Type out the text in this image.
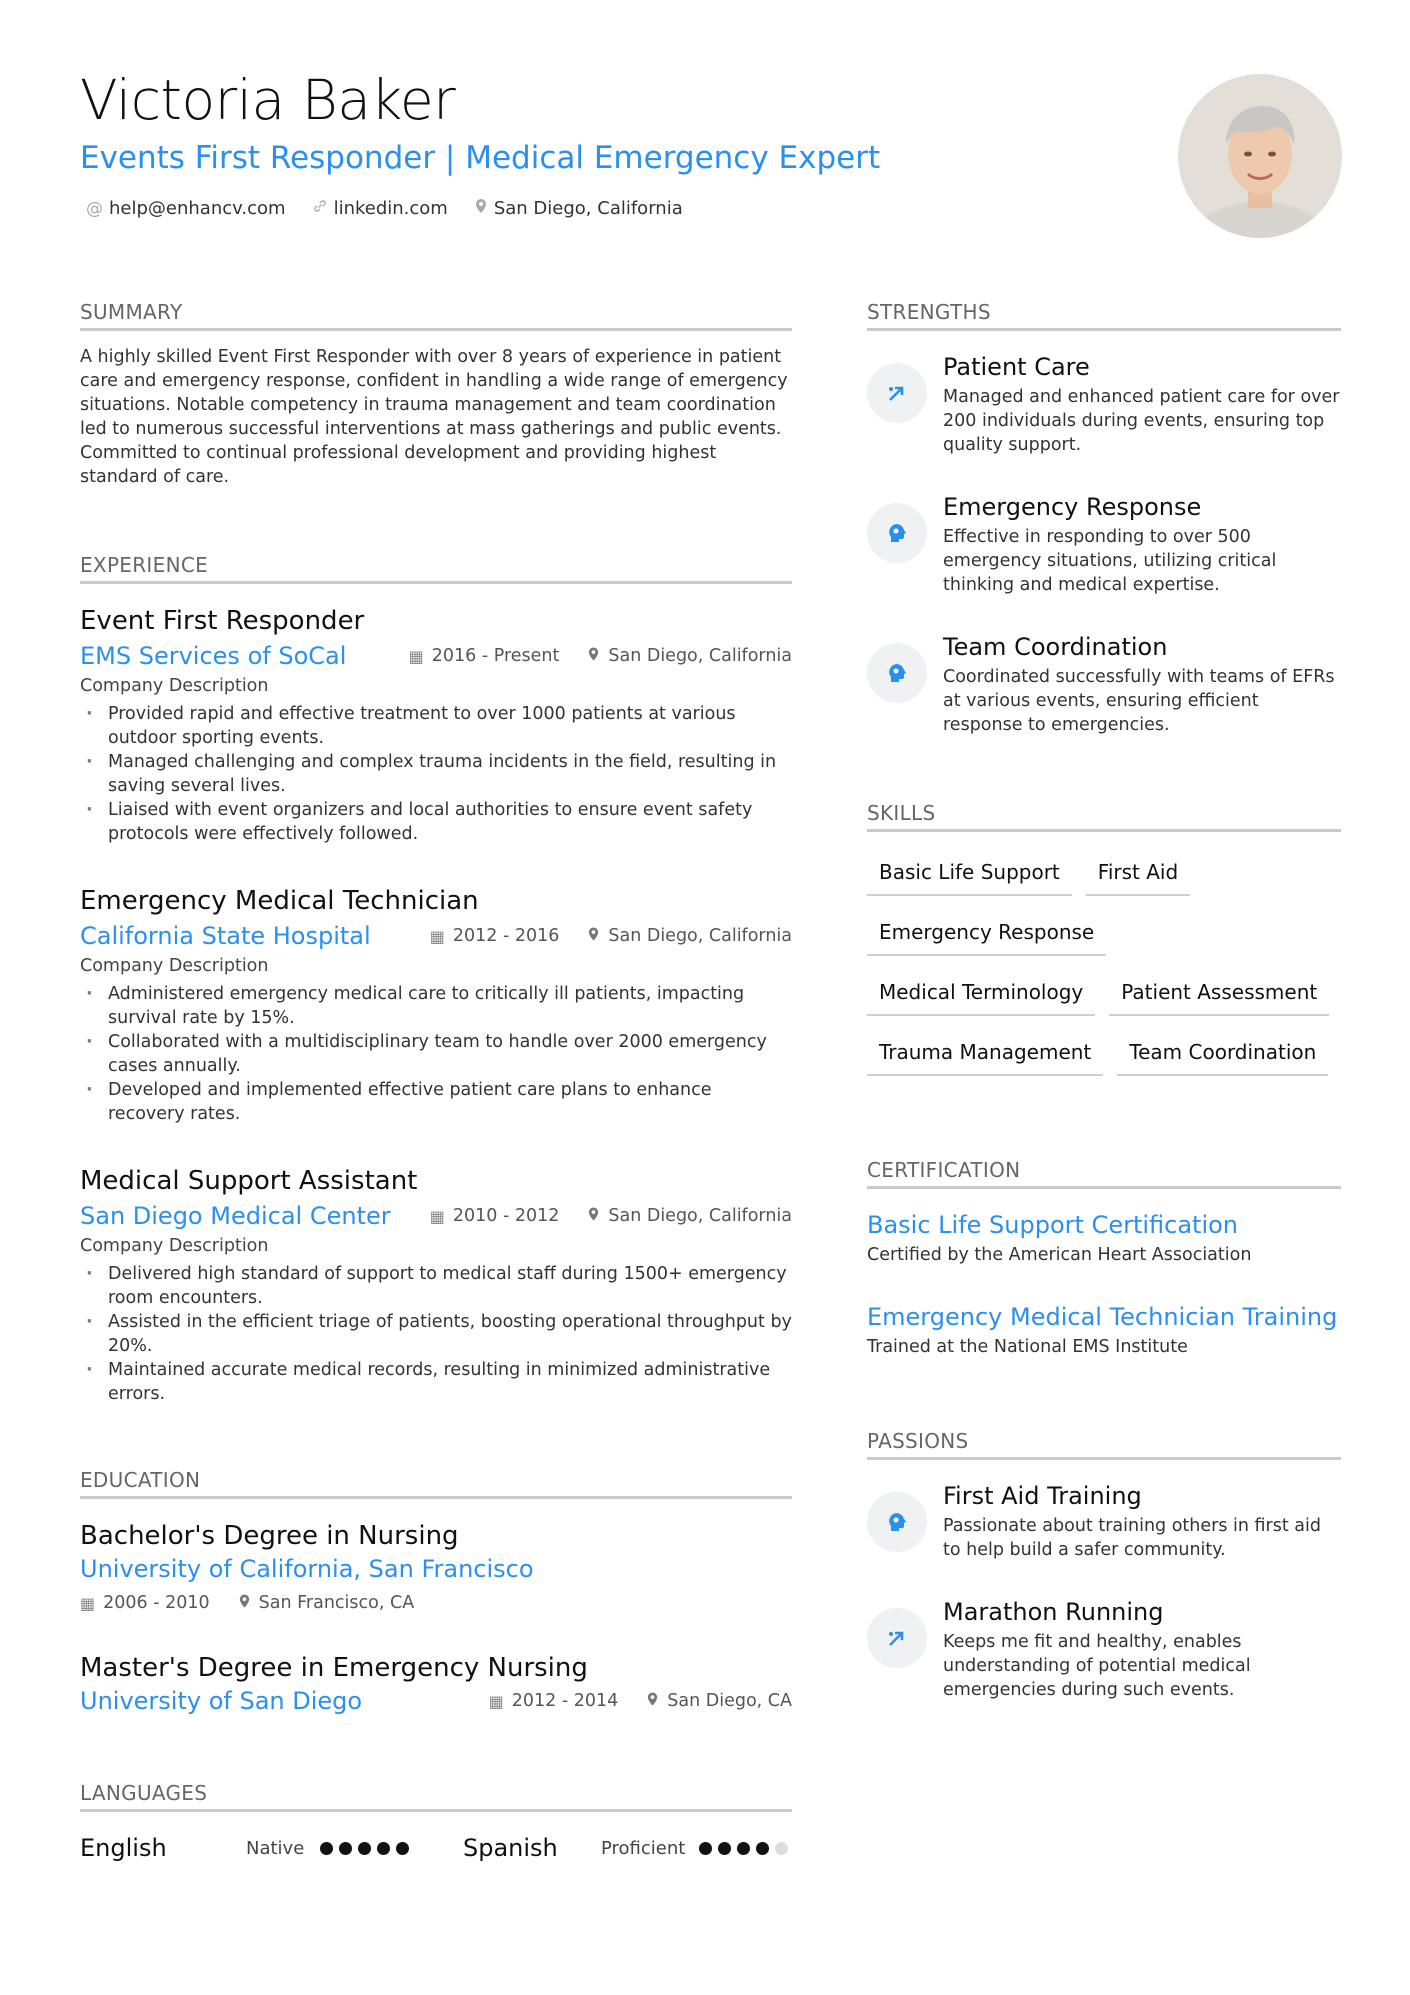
Victoria Baker
Events First Responder | Medical Emergency Expert
@ help@enhancv.com	linkedin.com	San Diego, California
SUMMARY
A highly skilled Event First Responder with over 8 years of experience in patient care and emergency response, confident in handling a wide range of emergency situations. Notable competency in trauma management and team coordination led to numerous successful interventions at mass gatherings and public events. Committed to continual professional development and providing highest standard of care.
EXPERIENCE
Event First Responder
EMS Services of SoCal	▦ 2016 - Present	San Diego, California
Company Description
· Provided rapid and effective treatment to over 1000 patients at various outdoor sporting events.
· Managed challenging and complex trauma incidents in the field, resulting in saving several lives.
· Liaised with event organizers and local authorities to ensure event safety protocols were effectively followed.
Emergency Medical Technician
California State Hospital	▦ 2012 - 2016	San Diego, California
Company Description
· Administered emergency medical care to critically ill patients, impacting survival rate by 15%.
· Collaborated with a multidisciplinary team to handle over 2000 emergency cases annually.
· Developed and implemented effective patient care plans to enhance recovery rates.
Medical Support Assistant
San Diego Medical Center ▦ 2010 - 2012	San Diego, California
Company Description
· Delivered high standard of support to medical staff during 1500+ emergency room encounters.
· Assisted in the efficient triage of patients, boosting operational throughput by 20%.
· Maintained accurate medical records, resulting in minimized administrative errors.
EDUCATION
Bachelor's Degree in Nursing
University of California, San Francisco
▦ 2006 - 2010	San Francisco, CA
Master's Degree in Emergency Nursing
University of San Diego	▦ 2012 - 2014	San Diego, CA
LANGUAGES
English	Native	Spanish	Proficient
STRENGTHS
Patient Care
Managed and enhanced patient care for over 200 individuals during events, ensuring top quality support.
Emergency Response
Effective in responding to over 500 emergency situations, utilizing critical thinking and medical expertise.
Team Coordination
Coordinated successfully with teams of EFRs at various events, ensuring efficient response to emergencies.
SKILLS
Basic Life Support	First Aid
Emergency Response
Medical Terminology	Patient Assessment
Trauma Management	Team Coordination
CERTIFICATION
Basic Life Support Certification
Certified by the American Heart Association
Emergency Medical Technician Training
Trained at the National EMS Institute
PASSIONS
First Aid Training
Passionate about training others in first aid to help build a safer community.
Marathon Running
Keeps me fit and healthy, enables understanding of potential medical emergencies during such events.
